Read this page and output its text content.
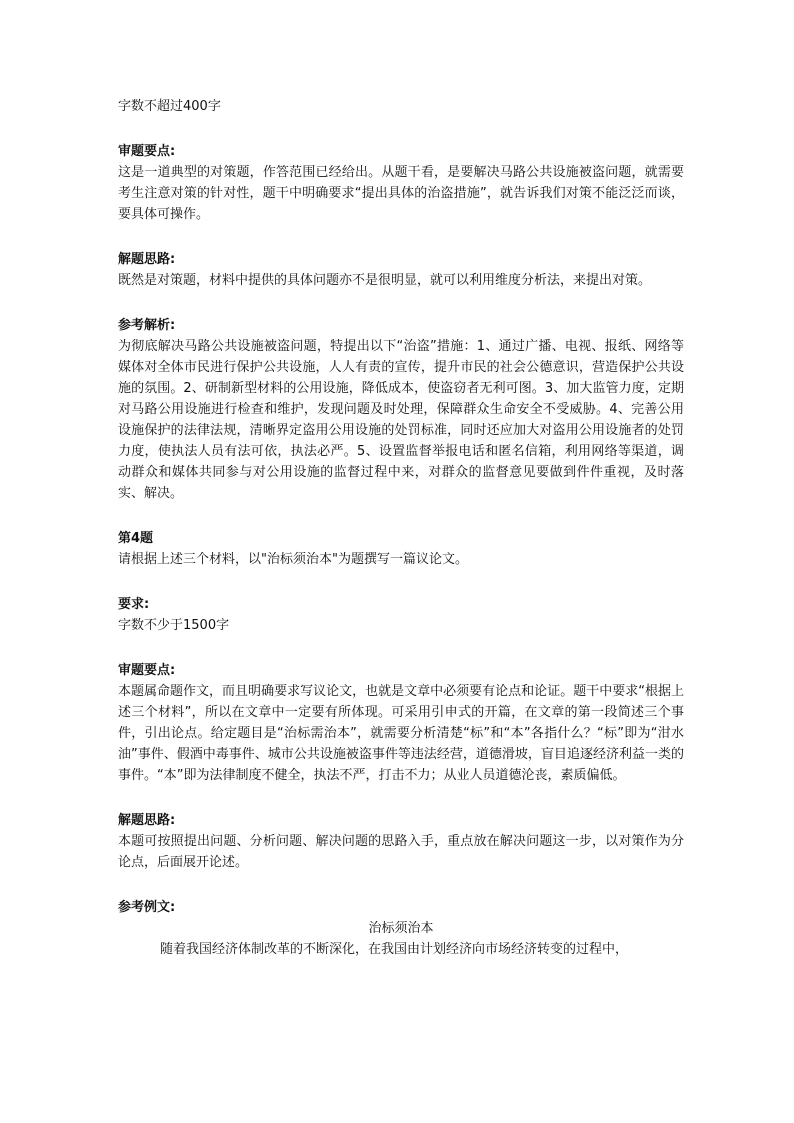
字数不超过400字

审题要点:

这是一道典型的对策题，作答范围已经给出。从题干看，是要解决马路公共设施被盗问题，就需要考生注意对策的针对性，题干中明确要求“提出具体的治盗措施”，就告诉我们对策不能泛泛而谈，要具体可操作。

解题思路:

既然是对策题，材料中提供的具体问题亦不是很明显，就可以利用维度分析法，来提出对策。

参考解析:

为彻底解决马路公共设施被盗问题，特提出以下“治盗”措施：1、通过广播、电视、报纸、网络等媒体对全体市民进行保护公共设施，人人有责的宣传，提升市民的社会公德意识，营造保护公共设施的氛围。2、研制新型材料的公用设施，降低成本，使盗窃者无利可图。3、加大监管力度，定期对马路公用设施进行检查和维护，发现问题及时处理，保障群众生命安全不受威胁。4、完善公用设施保护的法律法规，清晰界定盗用公用设施的处罚标准，同时还应加大对盗用公用设施者的处罚力度，使执法人员有法可依，执法必严。5、设置监督举报电话和匿名信箱，利用网络等渠道，调动群众和媒体共同参与对公用设施的监督过程中来，对群众的监督意见要做到件件重视，及时落实、解决。

第4题

请根据上述三个材料，以"治标须治本"为题撰写一篇议论文。

要求:

字数不少于1500字

审题要点:

本题属命题作文，而且明确要求写议论文，也就是文章中必须要有论点和论证。题干中要求“根据上述三个材料”，所以在文章中一定要有所体现。可采用引申式的开篇，在文章的第一段简述三个事件，引出论点。给定题目是“治标需治本”，就需要分析清楚“标”和“本”各指什么？“标”即为“泔水油”事件、假酒中毒事件、城市公共设施被盗事件等违法经营，道德滑坡，盲目追逐经济利益一类的事件。“本”即为法律制度不健全，执法不严，打击不力；从业人员道德沦丧，素质偏低。

解题思路:

本题可按照提出问题、分析问题、解决问题的思路入手，重点放在解决问题这一步，以对策作为分论点，后面展开论述。

参考例文:

治标须治本

随着我国经济体制改革的不断深化，在我国由计划经济向市场经济转变的过程中，
